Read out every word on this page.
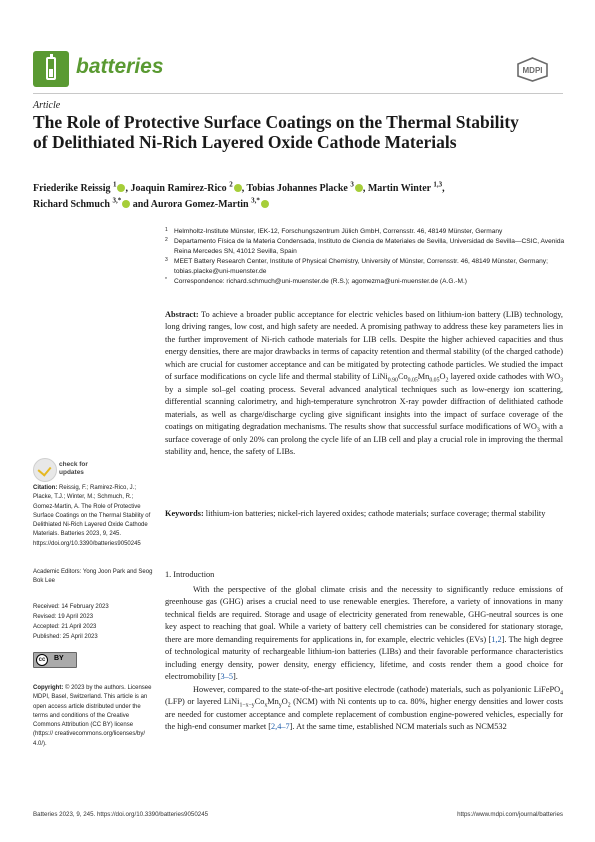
batteries	MDPI
Article
The Role of Protective Surface Coatings on the Thermal Stability of Delithiated Ni-Rich Layered Oxide Cathode Materials
Friederike Reissig $^1$ , Joaquin Ramirez-Rico $^2$ , Tobias Johannes Placke $^3$ , Martin Winter $^{1,3}$,
Richard Schmuch $^{3,*}$ and Aurora Gomez-Martin $^{3,*}$
1 Helmholtz-Institute Münster, IEK-12, Forschungszentrum Jülich GmbH, Corrensstr. 46, 48149 Münster, Germany
2 Departamento Física de la Materia Condensada, Instituto de Ciencia de Materiales de Sevilla, Universidad de Sevilla—CSIC, Avenida Reina Mercedes SN, 41012 Sevilla, Spain
3 MEET Battery Research Center, Institute of Physical Chemistry, University of Münster, Corrensstr. 46, 48149 Münster, Germany; tobias.placke@uni-muenster.de
* Correspondence: richard.schmuch@uni-muenster.de (R.S.); agomezma@uni-muenster.de (A.G.-M.)
Abstract: To achieve a broader public acceptance for electric vehicles based on lithium-ion battery (LIB) technology, long driving ranges, low cost, and high safety are needed. A promising pathway to address these key parameters lies in the further improvement of Ni-rich cathode materials for LIB cells. Despite the higher achieved capacities and thus energy densities, there are major drawbacks in terms of capacity retention and thermal stability (of the charged cathode) which are crucial for customer acceptance and can be mitigated by protecting cathode particles. We studied the impact of surface modifications on cycle life and thermal stability of $LiNi_{0.90}Co_{0.05}Mn_{0.05}O_2$ layered oxide cathodes with $WO_3$ by a simple sol–gel coating process. Several advanced analytical techniques such as low-energy ion scattering, differential scanning calorimetry, and high-temperature synchrotron X-ray powder diffraction of delithiated cathode materials, as well as charge/discharge cycling give significant insights into the impact of surface coverage of the coatings on mitigating degradation mechanisms. The results show that successful surface modifications of $WO_3$ with a surface coverage of only 20% can prolong the cycle life of an LIB cell and play a crucial role in improving the thermal stability and, hence, the safety of LIBs.
Keywords: lithium-ion batteries; nickel-rich layered oxides; cathode materials; surface coverage; thermal stability
check for updates
Citation: Reissig, F.; Ramirez-Rico, J.; Placke, T.J.; Winter, M.; Schmuch, R.; Gomez-Martin, A. The Role of Protective Surface Coatings on the Thermal Stability of Delithiated Ni-Rich Layered Oxide Cathode Materials. Batteries 2023, 9, 245. https://doi.org/10.3390/batteries9050245
Academic Editors: Yong Joon Park and Seog Bok Lee
Received: 14 February 2023
Revised: 19 April 2023
Accepted: 21 April 2023
Published: 25 April 2023
cc	BY
Copyright: © 2023 by the authors. Licensee MDPI, Basel, Switzerland. This article is an open access article distributed under the terms and conditions of the Creative Commons Attribution (CC BY) license (https:// creativecommons.org/licenses/by/ 4.0/).
1. Introduction

With the perspective of the global climate crisis and the necessity to significantly reduce emissions of greenhouse gas (GHG) arises a crucial need to use renewable energies. Therefore, a variety of innovations in many technical fields are required. Storage and usage of electricity generated from renewable, GHG-neutral sources is one key aspect to reaching that goal. While a variety of battery cell chemistries can be considered for stationary storage, there are more demanding requirements for applications in, for example, electric vehicles (EVs) [1,2]. The high degree of technological maturity of rechargeable lithium-ion batteries (LIBs) and their favorable performance characteristics including energy density, power density, energy efficiency, lifetime, and costs render them a good choice for electromobility [3–5].

However, compared to the state-of-the-art positive electrode (cathode) materials, such as polyanionic LiFePO$_4$ (LFP) or layered $LiNi_{1-x-y}Co_xMn_yO_2$ (NCM) with Ni contents up to ca. 80%, higher energy densities and lower costs are needed for customer acceptance and complete replacement of combustion engine-powered vehicles, especially for the high-end consumer market [2,4–7]. At the same time, established NCM materials such as NCM532

Batteries 2023, 9, 245. https://doi.org/10.3390/batteries9050245	https://www.mdpi.com/journal/batteries
